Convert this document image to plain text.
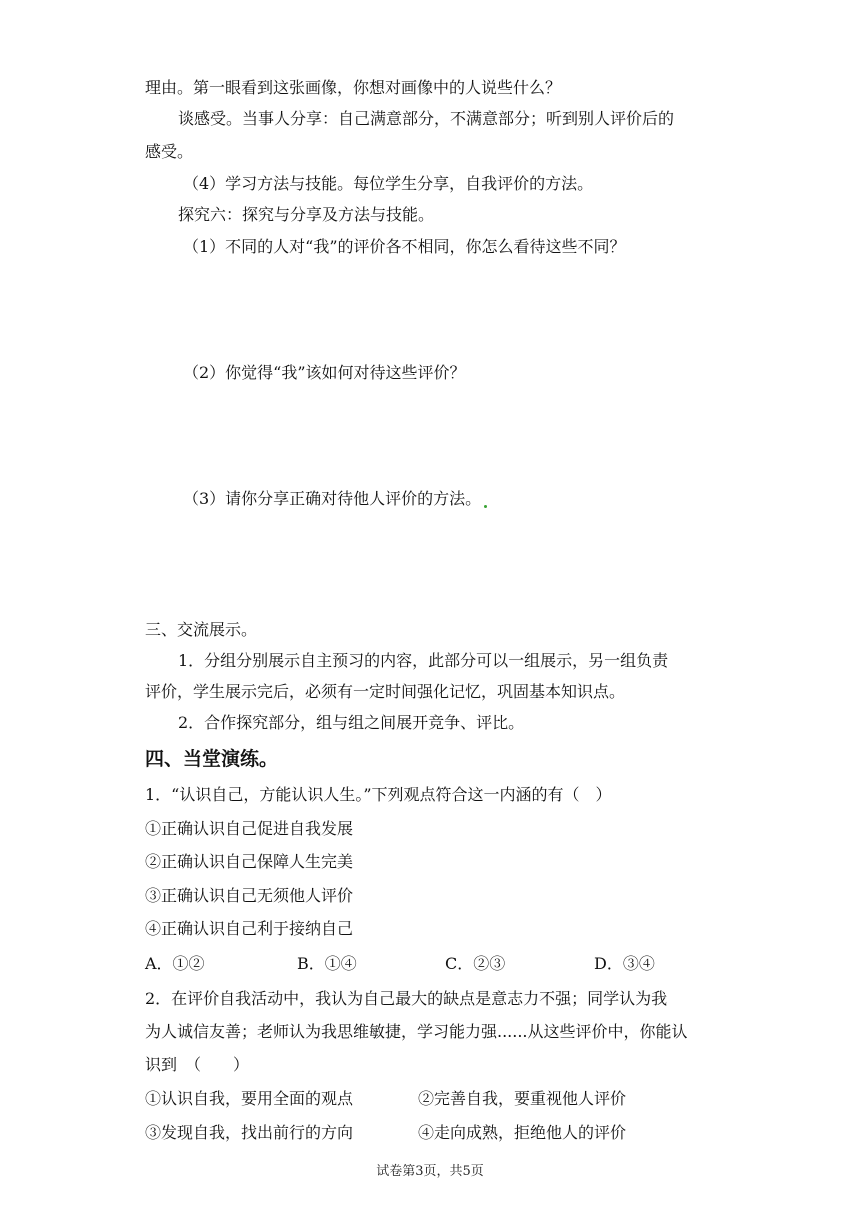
理由。第一眼看到这张画像，你想对画像中的人说些什么？
谈感受。当事人分享：自己满意部分，不满意部分；听到别人评价后的
感受。
（4）学习方法与技能。每位学生分享，自我评价的方法。
探究六：探究与分享及方法与技能。
（1）不同的人对“我”的评价各不相同，你怎么看待这些不同？
（2）你觉得“我”该如何对待这些评价？
（3）请你分享正确对待他人评价的方法。
三、交流展示。
1．分组分别展示自主预习的内容，此部分可以一组展示，另一组负责
评价，学生展示完后，必须有一定时间强化记忆，巩固基本知识点。
2．合作探究部分，组与组之间展开竞争、评比。
四、当堂演练。
1．“认识自己，方能认识人生。”下列观点符合这一内涵的有（　）
①正确认识自己促进自我发展
②正确认识自己保障人生完美
③正确认识自己无须他人评价
④正确认识自己利于接纳自己
A．①②	B．①④	C．②③	D．③④
2．在评价自我活动中，我认为自己最大的缺点是意志力不强；同学认为我
为人诚信友善；老师认为我思维敏捷，学习能力强......从这些评价中，你能认
识到　（　　）
①认识自我，要用全面的观点	②完善自我，要重视他人评价
③发现自我，找出前行的方向	④走向成熟，拒绝他人的评价
试卷第3页，共5页
